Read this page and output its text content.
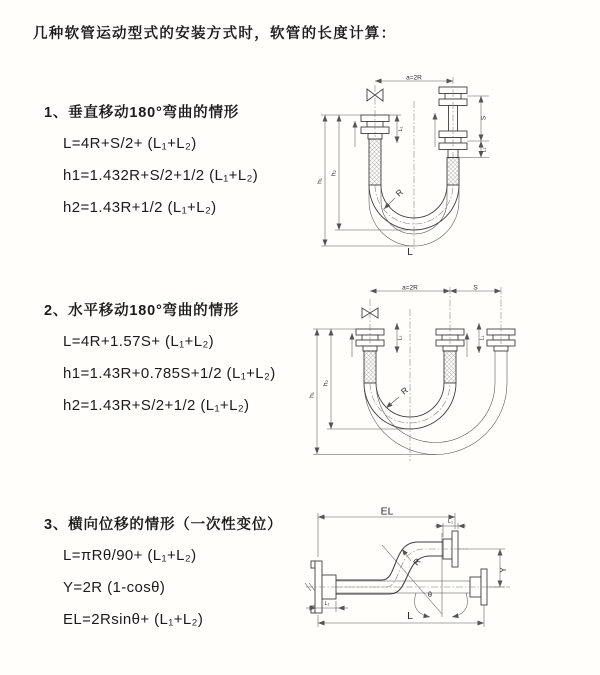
几种软管运动型式的安装方式时，软管的长度计算：
1、垂直移动180°弯曲的情形
L=4R+S/2+ (L₁+L₂)
h1=1.432R+S/2+1/2 (L₁+L₂)
h2=1.43R+1/2 (L₁+L₂)
2、水平移动180°弯曲的情形
L=4R+1.57S+ (L₁+L₂)
h1=1.43R+0.785S+1/2 (L₁+L₂)
h2=1.43R+S/2+1/2 (L₁+L₂)
3、横向位移的情形（一次性变位）
L=πRθ/90+ (L₁+L₂)
Y=2R (1-cosθ)
EL=2Rsinθ+ (L₁+L₂)
a=2R
h₁
h₂
L₁
S
L₁
R
L
a=2R	S
h₁
h₂
L₁	L₁
R
EL
L₁
Y
R
θ
L
L₁
